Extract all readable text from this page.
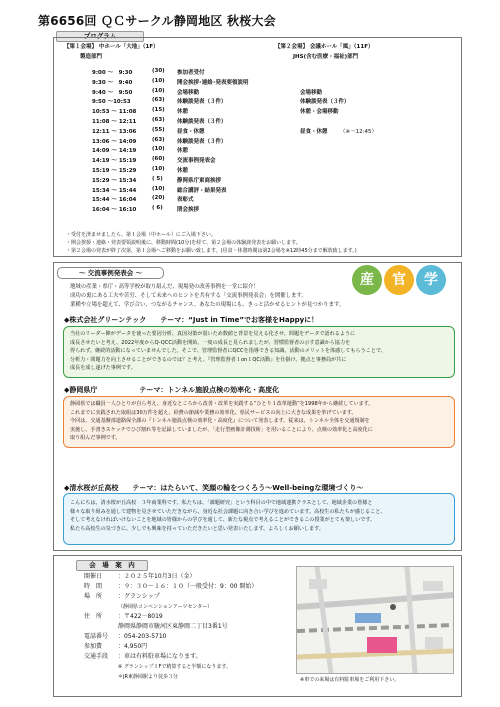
第6656回 ＱＣサークル静岡地区 秋桜大会
プログラム
【第１会場】 中ホール「大地」（1F）
製造部門
【第２会場】 会議ホール「風」（11F）
JHS(含む医療・福祉)部門
9:00 ～　9:30	(30) 参加者受付
9:30 ～　9:40	(10) 開会挨拶･連絡･発表要領説明
9:40 ～　9:50	(10) 会場移動	会場移動
9:50 ～10:53	(63) 体験談発表（３件）	体験談発表（３件）
10:53 ～ 11:08	(15) 休憩	休憩・会場移動
11:08 ～ 12:11	(63) 体験談発表（３件）
12:11 ～ 13:06	(55) 昼食・休憩	昼食・休憩 （※～12:45）
13:06 ～ 14:09	(63) 体験談発表（３件）
14:09 ～ 14:19	(10) 休憩
14:19 ～ 15:19	(60) 交流事例発表会
15:19 ～ 15:29	(10) 休憩
15:29 ～ 15:34	( 5)	静岡県庁東商挨拶
15:34 ～ 15:44	(10) 総合講評・結果発表
15:44 ～ 16:04	(20) 表彰式
16:04 ～ 16:10	( 6)	閉会挨拶
・受付を済ませましたら、第１会場（中ホール）にご入場下さい。
・開会挨拶・連絡・発表要領説明後に、移動時間(10分)を経て、第２会場の体験談発表をお願いします。
・第２会場の発表が終了次第、第１会場へご移動をお願い致します。(昼食・休憩時間は第2会場を※12時45分まで解放致します。)
～ 交流事例発表会 ～	産	官	学
地域の産業・県庁・高等学校が取り組んだ、現場発の改善事例を一堂に紹介！
成功の裏にある工夫や苦労、そして未来へのヒントを共有する「交流事例発表会」を開催します。
業種や立場を超えて、学び合い、つながるチャンス。あなたの現場にも、きっと活かせるヒントが見つかります。
◆株式会社グリーンテック　　テーマ：“Just in Time”でお客様をHappyに！
当社のリーダー陣がデータを使った要因分析、真因対策が弱いため数値と背景を見える化させ、問題をデータで語れるように
成長させたいと考え、2022年度からQ-QCC活動を開始。一度の成長と見られましたが、習慣監督者の示す意識から協力を
得られず。継続的活動になっていませんでした。そこで、管理監督者にQCCを指導できる知識、活動のメリットを体感してもらうことで、
分析力・問題力を向上させることができるのでは？と考え、『管理監督者１on１QC活動』を仕掛け、拠点と事務局が共に
成長を成し遂げた事例です。
◆静岡県庁　　　　　　テーマ：トンネル施設点検の効率化・高度化
静岡県では職員一人ひとりが自ら考え、身近なところから改善・改革を実践する“ひとり１改革運動”を1998年から継続しています。
これまでに実践された取組は30万件を超え、経費の節減や業務の効率化、県民サービスの向上に大きな成果を挙げています。
今回は、交通基盤部道路保全課の『トンネル施設点検の効率化・高度化』について発表します。従来は、トンネル全体を交通規制を
実施し、手書きスケッチでひび割れ等を記録していましたが、「走行型画像計測技術」を用いることにより、点検の効率化と高度化に
取り組んだ事例です。
◆清水桜が丘高校　　テーマ：はたらいて、笑顔の輪をつくろう～Well-beingな環境づくり～
こんにちは、清水桜が丘高校　３年商業科です。私たちは、「課題研究」という科目の中で地域連携クラスとして、地域企業の皆様と
様々な取り組みを通して建物を見させていただきながら、身近な社会課題に向き合い学びを進めています。高校生の私たちが感じること、
そして考えなければいけないことを地域の皆様からの学びを通して、新たな視点で考えることができるこの授業がとても楽しいです。
私たち高校生の気づきに、少しでも興味を持っていただきたいと思い発表いたします。よろしくお願いします。
会　場　案　内
開催日	：２０２５年10月3日（金）
時　間	：９：３０～１６：１０（一般受付：9：00 開始）
場　所	：グランシップ
（静岡県コンベンションアーツセンター）
住　所	：〒422－8019
静岡県静岡市駿河区東静岡二丁目3番1号
電話番号	：054-203-5710
参加費	：4,950円
交通手段	：車は有料駐車場になります。
※ グランシップ１Fで精算すると半額になります。
＊JR東静岡駅より徒歩３分	※車での来場は有料駐車場をご利用下さい。
